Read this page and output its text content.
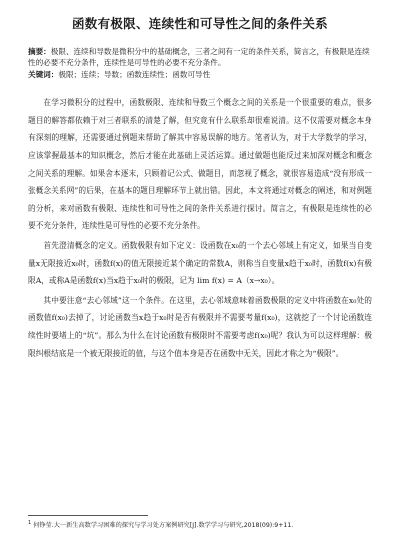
函数有极限、连续性和可导性之间的条件关系
摘要：极限、连续和导数是微积分中的基础概念，三者之间有一定的条件关系，简言之，有极限是连续性的必要不充分条件，连续性是可导性的必要不充分条件。
关键词：极限；连续；导数；函数连续性；函数可导性

在学习微积分的过程中，函数极限、连续和导数三个概念之间的关系是一个很重要的难点，很多题目的解答都依赖于对三者联系的清楚了解，但究竟有什么联系却很难说清。这不仅需要对概念本身有深刻的理解，还需要通过例题来帮助了解其中容易误解的地方。笔者认为，对于大学数学的学习，应该掌握最基本的知识概念，然后才能在此基础上灵活运算。通过做题也能反过来加深对概念和概念之间关系的理解。如果舍本逐末，只顾着记公式、做题目，而忽视了概念，就很容易造成“没有形成一张概念关系网”的后果，在基本的题目理解环节上就出错。因此，本文将通过对概念的阐述，和对例题的分析，来对函数有极限、连续性和可导性之间的条件关系进行探讨。简言之，有极限是连续性的必要不充分条件，连续性是可导性的必要不充分条件。

首先澄清概念的定义。函数极限有如下定义：设函数在x₀的一个去心邻域上有定义，如果当自变量x无限接近x₀时，函数f(x)的值无限接近某个确定的常数A，则称当自变量x趋于x₀时，函数f(x)有极限A，或称A是函数f(x)当x趋于x₀时的极限，记为 lim f(x) = A（x→x₀）。

其中要注意“去心邻域”这一个条件。在这里，去心邻域意味着函数极限的定义中将函数在x₀处的函数值f(x₀)去掉了，讨论函数当x趋于x₀时是否有极限并不需要考量f(x₀)，这就挖了一个讨论函数连续性时要堵上的“坑”。那么为什么在讨论函数有极限时不需要考虑f(x₀)呢？我认为可以这样理解：极限纠根结底是一个被无限接近的值，与这个值本身是否在函数中无关，因此才称之为“极限”。

$^1$ 何铮莹.大一新生高数学习困难的探究与学习处方案例研究[J].数学学习与研究,2018(09):9+11.
